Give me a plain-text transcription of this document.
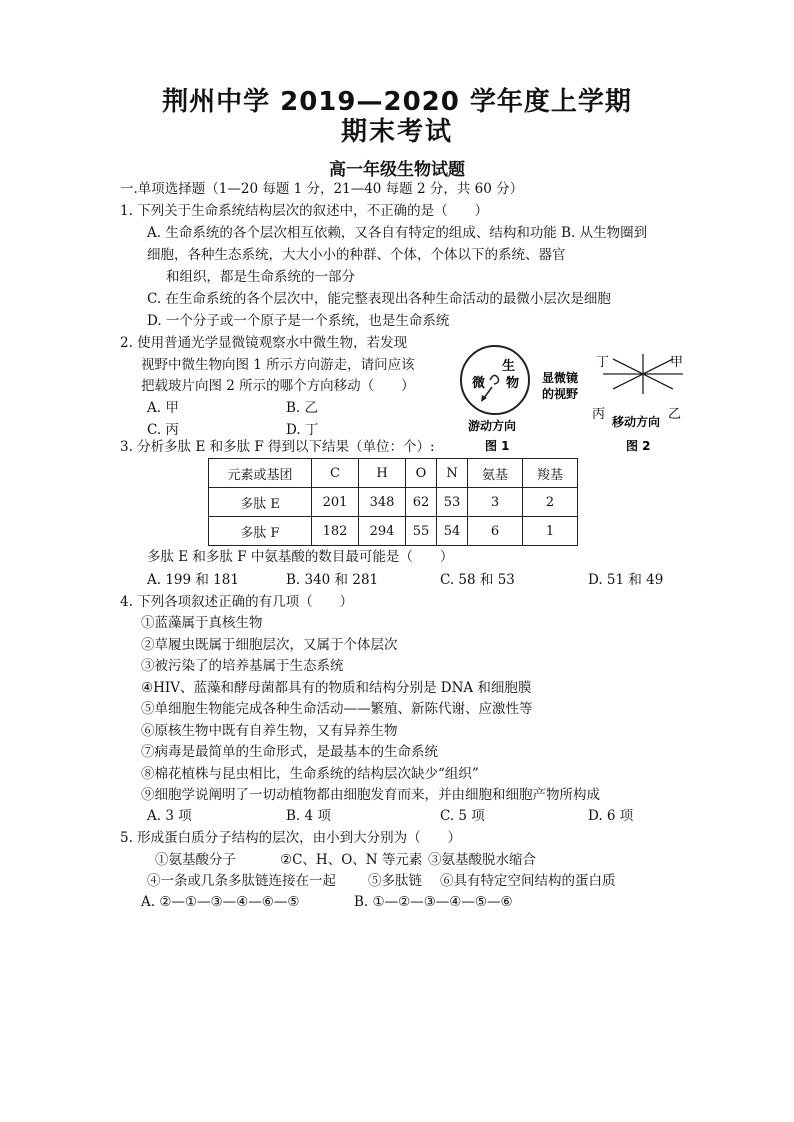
荆州中学 2019—2020 学年度上学期
期末考试
高一年级生物试题
一.单项选择题（1—20 每题 1 分，21—40 每题 2 分，共 60 分）
1. 下列关于生命系统结构层次的叙述中，不正确的是（　　）
A. 生命系统的各个层次相互依赖，又各自有特定的组成、结构和功能 B. 从生物圈到
细胞，各种生态系统，大大小小的种群、个体，个体以下的系统、器官
和组织，都是生命系统的一部分
C. 在生命系统的各个层次中，能完整表现出各种生命活动的最微小层次是细胞
D. 一个分子或一个原子是一个系统，也是生命系统
2. 使用普通光学显微镜观察水中微生物，若发现
视野中微生物向图 1 所示方向游走，请问应该
把载玻片向图 2 所示的哪个方向移动（　　）
A. 甲	B. 乙
C. 丙	D. 丁
生
微 物
游动方向
图 1
显微镜
的视野
丁	甲
丙	乙
移动方向
图 2
3. 分析多肽 E 和多肽 F 得到以下结果（单位：个）:
元素或基团	C	H	O	N	氨基	羧基
多肽 E	201	348	62	53	3	2
多肽 F	182	294	55	54	6	1
多肽 E 和多肽 F 中氨基酸的数目最可能是（　　）
A. 199 和 181	B. 340 和 281	C. 58 和 53	D. 51 和 49
4. 下列各项叙述正确的有几项（　　）
①蓝藻属于真核生物
②草履虫既属于细胞层次，又属于个体层次
③被污染了的培养基属于生态系统
④HIV、蓝藻和酵母菌都具有的物质和结构分别是 DNA 和细胞膜
⑤单细胞生物能完成各种生命活动——繁殖、新陈代谢、应激性等
⑥原核生物中既有自养生物，又有异养生物
⑦病毒是最简单的生命形式，是最基本的生命系统
⑧棉花植株与昆虫相比，生命系统的结构层次缺少“组织”
⑨细胞学说阐明了一切动植物都由细胞发育而来，并由细胞和细胞产物所构成
A. 3 项	B. 4 项	C. 5 项	D. 6 项
5. 形成蛋白质分子结构的层次，由小到大分别为（　　）
①氨基酸分子	②C、H、O、N 等元素 ③氨基酸脱水缩合
④一条或几条多肽链连接在一起 ⑤多肽链 ⑥具有特定空间结构的蛋白质
A. ②—①—③—④—⑥—⑤	B. ①—②—③—④—⑤—⑥
